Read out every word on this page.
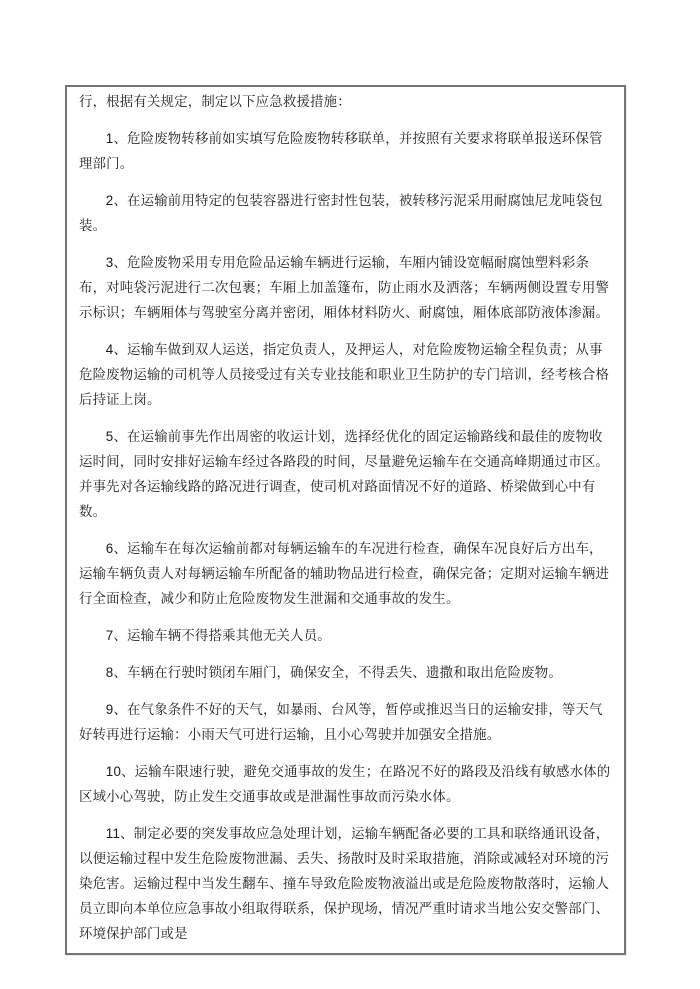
行，根据有关规定，制定以下应急救援措施：

1、危险废物转移前如实填写危险废物转移联单，并按照有关要求将联单报送环保管理部门。

2、在运输前用特定的包装容器进行密封性包装，被转移污泥采用耐腐蚀尼龙吨袋包装。

3、危险废物采用专用危险品运输车辆进行运输，车厢内铺设宽幅耐腐蚀塑料彩条布，对吨袋污泥进行二次包裹；车厢上加盖篷布，防止雨水及洒落；车辆两侧设置专用警示标识；车辆厢体与驾驶室分离并密闭，厢体材料防火、耐腐蚀，厢体底部防液体渗漏。

4、运输车做到双人运送，指定负责人，及押运人，对危险废物运输全程负责；从事危险废物运输的司机等人员接受过有关专业技能和职业卫生防护的专门培训，经考核合格后持证上岗。

5、在运输前事先作出周密的收运计划，选择经优化的固定运输路线和最佳的废物收运时间，同时安排好运输车经过各路段的时间，尽量避免运输车在交通高峰期通过市区。并事先对各运输线路的路况进行调查，使司机对路面情况不好的道路、桥梁做到心中有数。

6、运输车在每次运输前都对每辆运输车的车况进行检查，确保车况良好后方出车，运输车辆负责人对每辆运输车所配备的辅助物品进行检查，确保完备；定期对运输车辆进行全面检查，减少和防止危险废物发生泄漏和交通事故的发生。

7、运输车辆不得搭乘其他无关人员。

8、车辆在行驶时锁闭车厢门，确保安全，不得丢失、遗撒和取出危险废物。

9、在气象条件不好的天气，如暴雨、台风等，暂停或推迟当日的运输安排，等天气好转再进行运输：小雨天气可进行运输，且小心驾驶并加强安全措施。

10、运输车限速行驶，避免交通事故的发生；在路况不好的路段及沿线有敏感水体的区域小心驾驶，防止发生交通事故或是泄漏性事故而污染水体。

11、制定必要的突发事故应急处理计划，运输车辆配备必要的工具和联络通讯设备，以便运输过程中发生危险废物泄漏、丢失、扬散时及时采取措施，消除或减轻对环境的污染危害。运输过程中当发生翻车、撞车导致危险废物液溢出或是危险废物散落时，运输人员立即向本单位应急事故小组取得联系，保护现场，情况严重时请求当地公安交警部门、环境保护部门或是
